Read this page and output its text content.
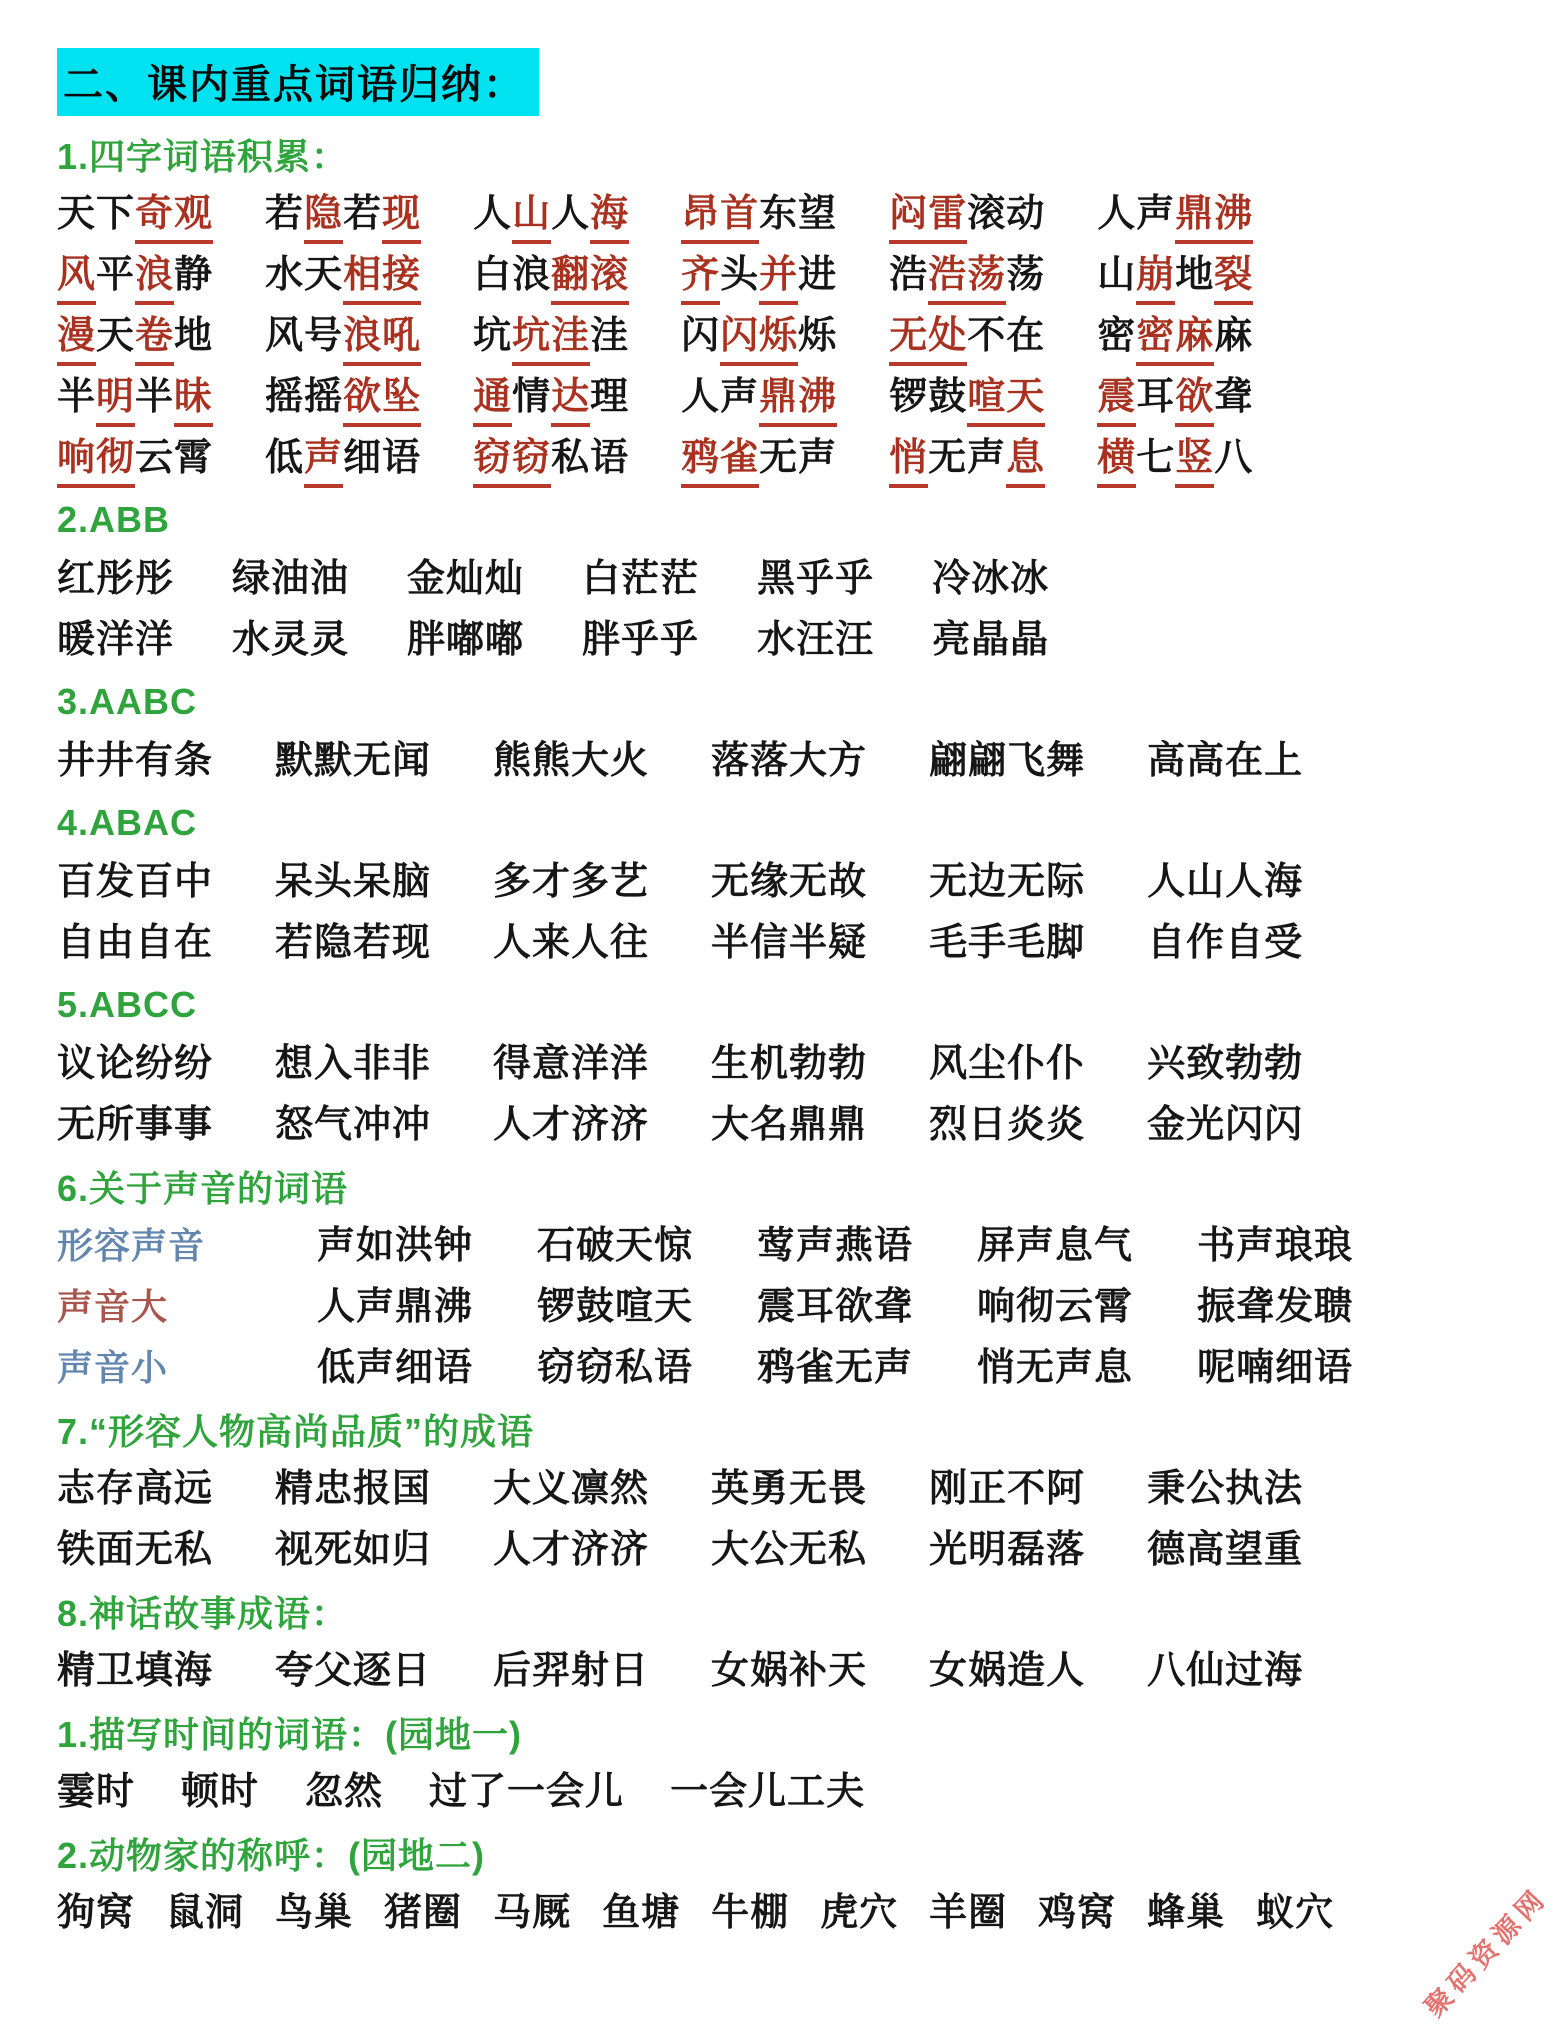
二、课内重点词语归纳：
1.四字词语积累：
天下奇观 若隐若现 人山人海 昂首东望 闷雷滚动 人声鼎沸
风平浪静 水天相接 白浪翻滚 齐头并进 浩浩荡荡 山崩地裂
漫天卷地 风号浪吼 坑坑洼洼 闪闪烁烁 无处不在 密密麻麻
半明半昧 摇摇欲坠 通情达理 人声鼎沸 锣鼓喧天 震耳欲聋
响彻云霄 低声细语 窃窃私语 鸦雀无声 悄无声息 横七竖八
2.ABB
红彤彤 绿油油 金灿灿 白茫茫 黑乎乎 冷冰冰
暖洋洋 水灵灵 胖嘟嘟 胖乎乎 水汪汪 亮晶晶
3.AABC
井井有条 默默无闻 熊熊大火 落落大方 翩翩飞舞 高高在上
4.ABAC
百发百中 呆头呆脑 多才多艺 无缘无故 无边无际 人山人海
自由自在 若隐若现 人来人往 半信半疑 毛手毛脚 自作自受
5.ABCC
议论纷纷 想入非非 得意洋洋 生机勃勃 风尘仆仆 兴致勃勃
无所事事 怒气冲冲 人才济济 大名鼎鼎 烈日炎炎 金光闪闪
6.关于声音的词语
形容声音	声如洪钟 石破天惊 莺声燕语 屏声息气 书声琅琅
声音大	人声鼎沸 锣鼓喧天 震耳欲聋 响彻云霄 振聋发聩
声音小	低声细语 窃窃私语 鸦雀无声 悄无声息 呢喃细语
7.“形容人物高尚品质”的成语
志存高远 精忠报国 大义凛然 英勇无畏 刚正不阿 秉公执法
铁面无私 视死如归 人才济济 大公无私 光明磊落 德高望重
8.神话故事成语：
精卫填海 夸父逐日 后羿射日 女娲补天 女娲造人 八仙过海
1.描写时间的词语：(园地一)
霎时 顿时 忽然 过了一会儿 一会儿工夫
2.动物家的称呼：(园地二)
狗窝 鼠洞 鸟巢 猪圈 马厩 鱼塘 牛棚 虎穴 羊圈 鸡窝 蜂巢 蚁穴	聚码资源网
